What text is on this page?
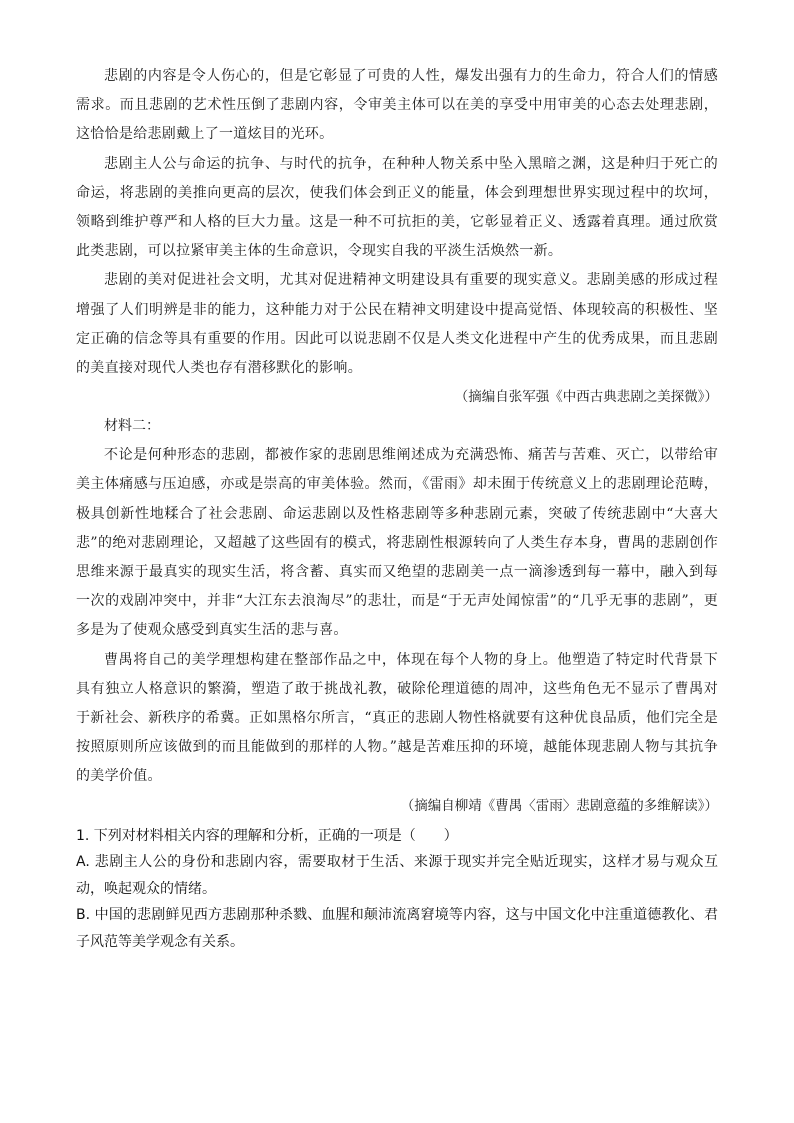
悲剧的内容是令人伤心的，但是它彰显了可贵的人性，爆发出强有力的生命力，符合人们的情感需求。而且悲剧的艺术性压倒了悲剧内容，令审美主体可以在美的享受中用审美的心态去处理悲剧，这恰恰是给悲剧戴上了一道炫目的光环。

悲剧主人公与命运的抗争、与时代的抗争，在种种人物关系中坠入黑暗之渊，这是种归于死亡的命运，将悲剧的美推向更高的层次，使我们体会到正义的能量，体会到理想世界实现过程中的坎坷，领略到维护尊严和人格的巨大力量。这是一种不可抗拒的美，它彰显着正义、透露着真理。通过欣赏此类悲剧，可以拉紧审美主体的生命意识，令现实自我的平淡生活焕然一新。

悲剧的美对促进社会文明，尤其对促进精神文明建设具有重要的现实意义。悲剧美感的形成过程增强了人们明辨是非的能力，这种能力对于公民在精神文明建设中提高觉悟、体现较高的积极性、坚定正确的信念等具有重要的作用。因此可以说悲剧不仅是人类文化进程中产生的优秀成果，而且悲剧的美直接对现代人类也存有潜移默化的影响。

（摘编自张军强《中西古典悲剧之美探微》）

材料二：

不论是何种形态的悲剧，都被作家的悲剧思维阐述成为充满恐怖、痛苦与苦难、灭亡，以带给审美主体痛感与压迫感，亦或是崇高的审美体验。然而，《雷雨》却未囿于传统意义上的悲剧理论范畴，极具创新性地糅合了社会悲剧、命运悲剧以及性格悲剧等多种悲剧元素，突破了传统悲剧中“大喜大悲”的绝对悲剧理论，又超越了这些固有的模式，将悲剧性根源转向了人类生存本身，曹禺的悲剧创作思维来源于最真实的现实生活，将含蓄、真实而又绝望的悲剧美一点一滴渗透到每一幕中，融入到每一次的戏剧冲突中，并非“大江东去浪淘尽”的悲壮，而是“于无声处闻惊雷”的“几乎无事的悲剧”，更多是为了使观众感受到真实生活的悲与喜。

曹禺将自己的美学理想构建在整部作品之中，体现在每个人物的身上。他塑造了特定时代背景下具有独立人格意识的繁漪，塑造了敢于挑战礼教，破除伦理道德的周冲，这些角色无不显示了曹禺对于新社会、新秩序的希冀。正如黑格尔所言，“真正的悲剧人物性格就要有这种优良品质，他们完全是按照原则所应该做到的而且能做到的那样的人物。”越是苦难压抑的环境，越能体现悲剧人物与其抗争的美学价值。

（摘编自柳靖《曹禺〈雷雨〉悲剧意蕴的多维解读》）

1. 下列对材料相关内容的理解和分析，正确的一项是（　　）

A. 悲剧主人公的身份和悲剧内容，需要取材于生活、来源于现实并完全贴近现实，这样才易与观众互动，唤起观众的情绪。

B. 中国的悲剧鲜见西方悲剧那种杀戮、血腥和颠沛流离窘境等内容，这与中国文化中注重道德教化、君子风范等美学观念有关系。
